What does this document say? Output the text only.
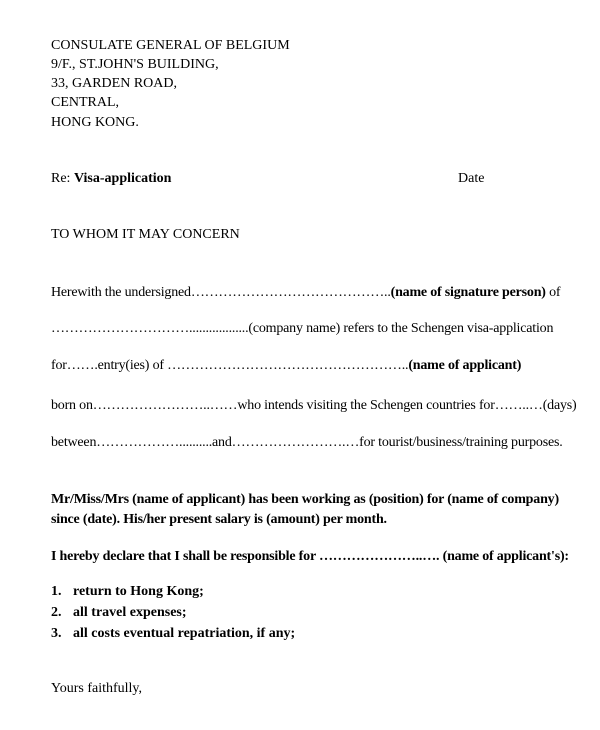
CONSULATE GENERAL OF BELGIUM

9/F., ST.JOHN'S BUILDING,

33, GARDEN ROAD,

CENTRAL,

HONG KONG.

Re: Visa-application	Date

TO WHOM IT MAY CONCERN

Herewith the undersigned……………………………………..(name of signature person) of

…………………………..................(company name) refers to the Schengen visa-application

for…….entry(ies) of ……………………………………………..(name of applicant)

born on……………………..……who intends visiting the Schengen countries for……..…(days)

between………………..........and…………………….…for tourist/business/training purposes.

Mr/Miss/Mrs (name of applicant) has been working as (position) for (name of company)

since (date). His/her present salary is (amount) per month.

I hereby declare that I shall be responsible for …………………..…. (name of applicant's):

1. return to Hong Kong;
2. all travel expenses;
3. all costs eventual repatriation, if any;

Yours faithfully,
